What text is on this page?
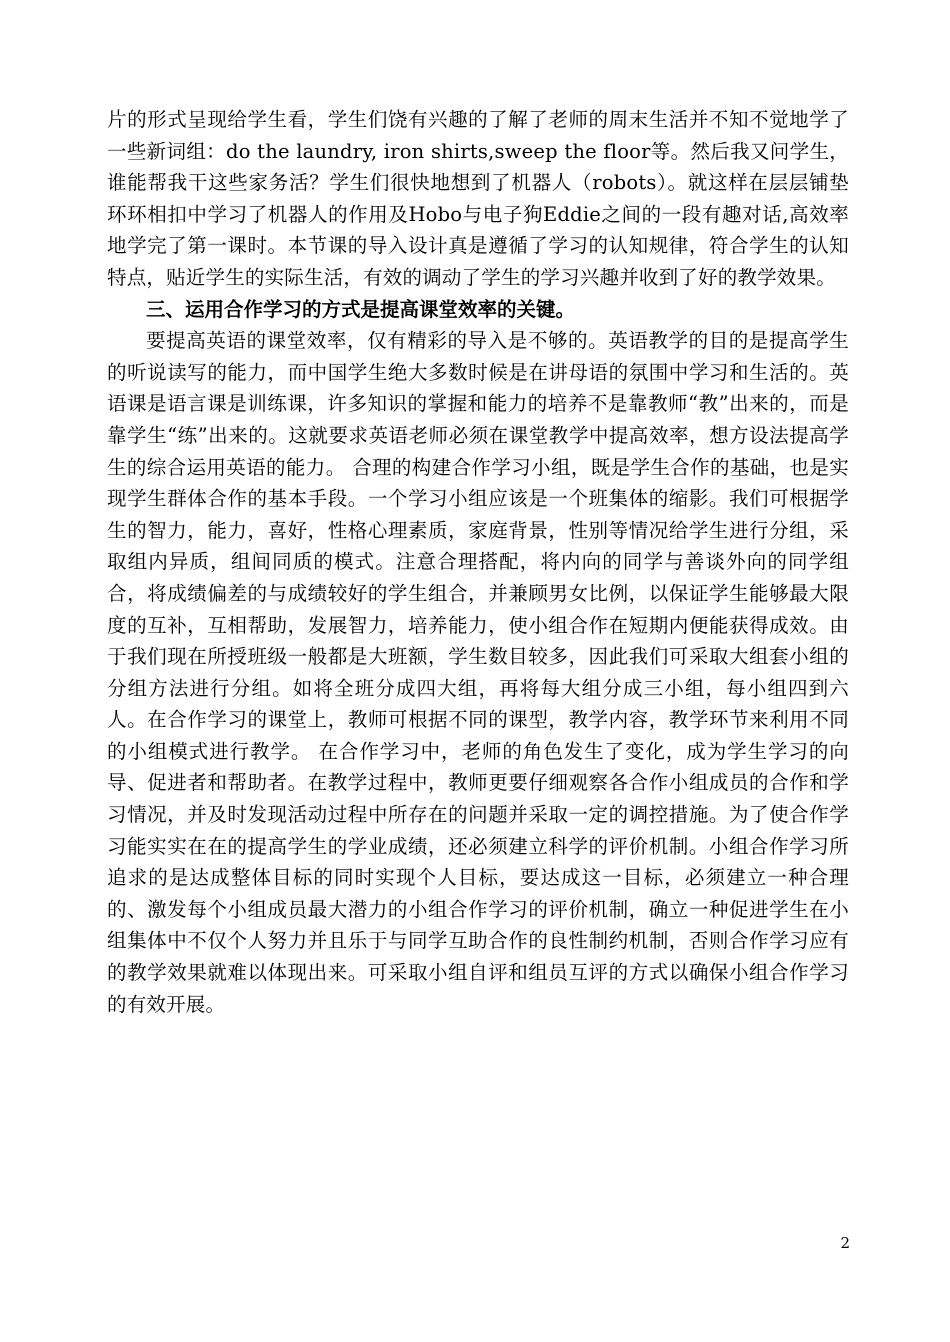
片的形式呈现给学生看，学生们饶有兴趣的了解了老师的周末生活并不知不觉地学了一些新词组：do the laundry, iron shirts,sweep the floor等。然后我又问学生，谁能帮我干这些家务活？学生们很快地想到了机器人（robots）。就这样在层层铺垫环环相扣中学习了机器人的作用及Hobo与电子狗Eddie之间的一段有趣对话,高效率地学完了第一课时。本节课的导入设计真是遵循了学习的认知规律，符合学生的认知特点，贴近学生的实际生活，有效的调动了学生的学习兴趣并收到了好的教学效果。

三、运用合作学习的方式是提高课堂效率的关键。

要提高英语的课堂效率，仅有精彩的导入是不够的。英语教学的目的是提高学生的听说读写的能力，而中国学生绝大多数时候是在讲母语的氛围中学习和生活的。英语课是语言课是训练课，许多知识的掌握和能力的培养不是靠教师“教”出来的，而是靠学生“练”出来的。这就要求英语老师必须在课堂教学中提高效率，想方设法提高学生的综合运用英语的能力。 合理的构建合作学习小组，既是学生合作的基础，也是实现学生群体合作的基本手段。一个学习小组应该是一个班集体的缩影。我们可根据学生的智力，能力，喜好，性格心理素质，家庭背景，性别等情况给学生进行分组，采取组内异质，组间同质的模式。注意合理搭配，将内向的同学与善谈外向的同学组合，将成绩偏差的与成绩较好的学生组合，并兼顾男女比例，以保证学生能够最大限度的互补，互相帮助，发展智力，培养能力，使小组合作在短期内便能获得成效。由于我们现在所授班级一般都是大班额，学生数目较多，因此我们可采取大组套小组的分组方法进行分组。如将全班分成四大组，再将每大组分成三小组，每小组四到六人。在合作学习的课堂上，教师可根据不同的课型，教学内容，教学环节来利用不同的小组模式进行教学。 在合作学习中，老师的角色发生了变化，成为学生学习的向导、促进者和帮助者。在教学过程中，教师更要仔细观察各合作小组成员的合作和学习情况，并及时发现活动过程中所存在的问题并采取一定的调控措施。为了使合作学习能实实在在的提高学生的学业成绩，还必须建立科学的评价机制。小组合作学习所追求的是达成整体目标的同时实现个人目标，要达成这一目标，必须建立一种合理的、激发每个小组成员最大潜力的小组合作学习的评价机制，确立一种促进学生在小组集体中不仅个人努力并且乐于与同学互助合作的良性制约机制，否则合作学习应有的教学效果就难以体现出来。可采取小组自评和组员互评的方式以确保小组合作学习的有效开展。

2
